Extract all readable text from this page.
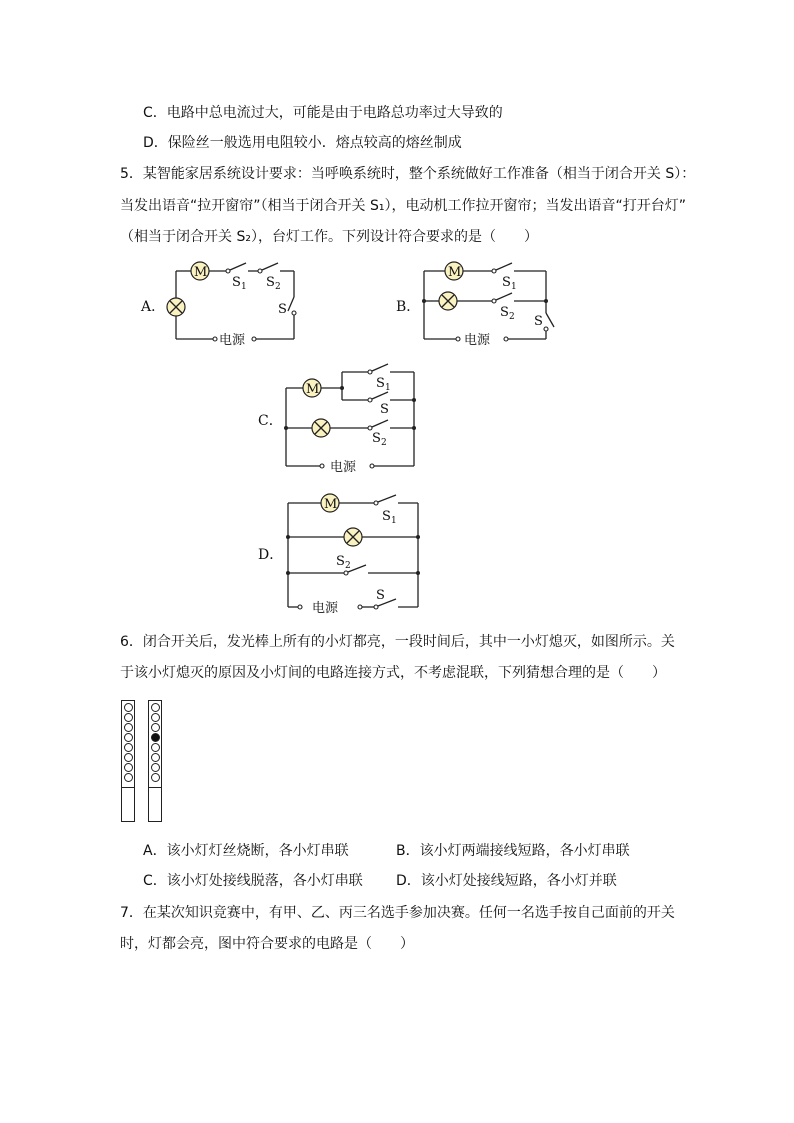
C．电路中总电流过大，可能是由于电路总功率过大导致的
D．保险丝一般选用电阻较小．熔点较高的熔丝制成
5．某智能家居系统设计要求：当呼唤系统时，整个系统做好工作准备（相当于闭合开关 S）：
当发出语音“拉开窗帘”（相当于闭合开关 S₁），电动机工作拉开窗帘；当发出语音“打开台灯”
（相当于闭合开关 S₂），台灯工作。下列设计符合要求的是（　　）
A．
M
S 1 S 2
S
电源
B．
M
S 1
S 2 S
电源
C．
M	S 1
S
S 2
电源
D．
M
S 1
S 2
电源
S
6．闭合开关后，发光棒上所有的小灯都亮，一段时间后，其中一小灯熄灭，如图所示。关
于该小灯熄灭的原因及小灯间的电路连接方式，不考虑混联，下列猜想合理的是（　　）
A．该小灯灯丝烧断，各小灯串联	B．该小灯两端接线短路，各小灯串联
C．该小灯处接线脱落，各小灯串联 D．该小灯处接线短路，各小灯并联
7．在某次知识竞赛中，有甲、乙、丙三名选手参加决赛。任何一名选手按自己面前的开关
时，灯都会亮，图中符合要求的电路是（　　）
